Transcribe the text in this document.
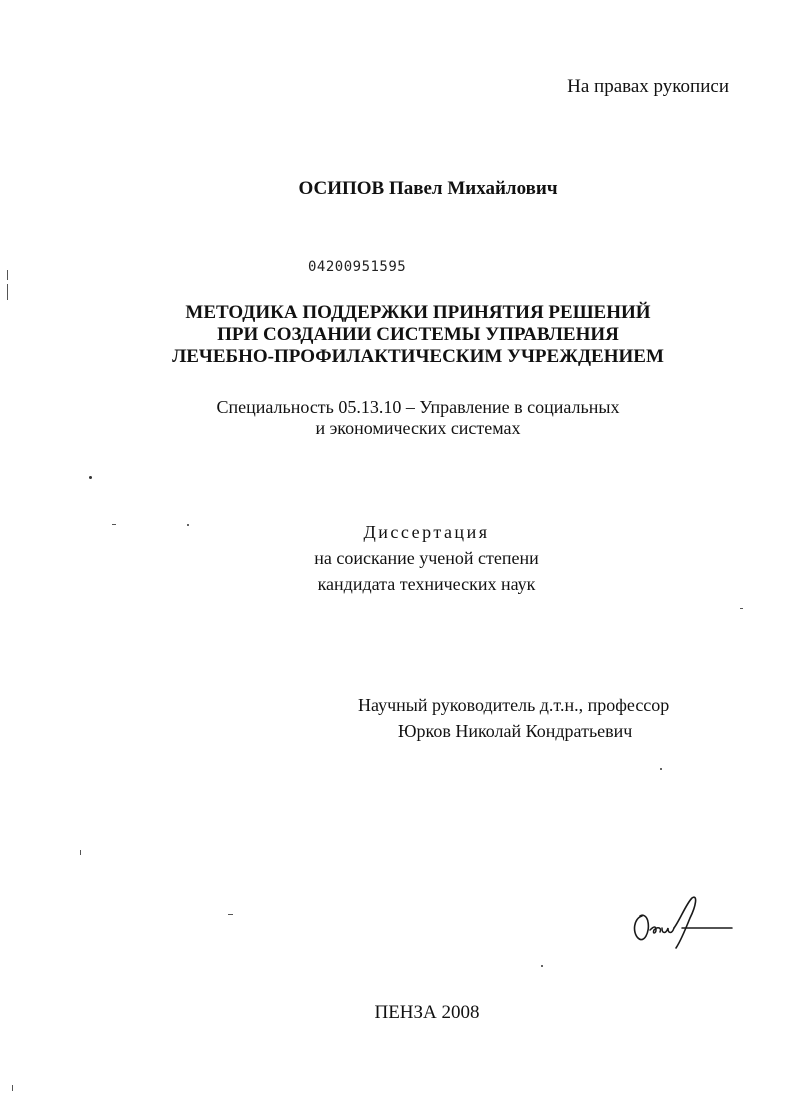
На правах рукописи
ОСИПОВ Павел Михайлович
04200951595
МЕТОДИКА ПОДДЕРЖКИ ПРИНЯТИЯ РЕШЕНИЙ
ПРИ СОЗДАНИИ СИСТЕМЫ УПРАВЛЕНИЯ
ЛЕЧЕБНО-ПРОФИЛАКТИЧЕСКИМ УЧРЕЖДЕНИЕМ
Специальность 05.13.10 – Управление в социальных
и экономических системах
Диссертация
на соискание ученой степени
кандидата технических наук
Научный руководитель д.т.н., профессор
Юрков Николай Кондратьевич
ПЕНЗА 2008
